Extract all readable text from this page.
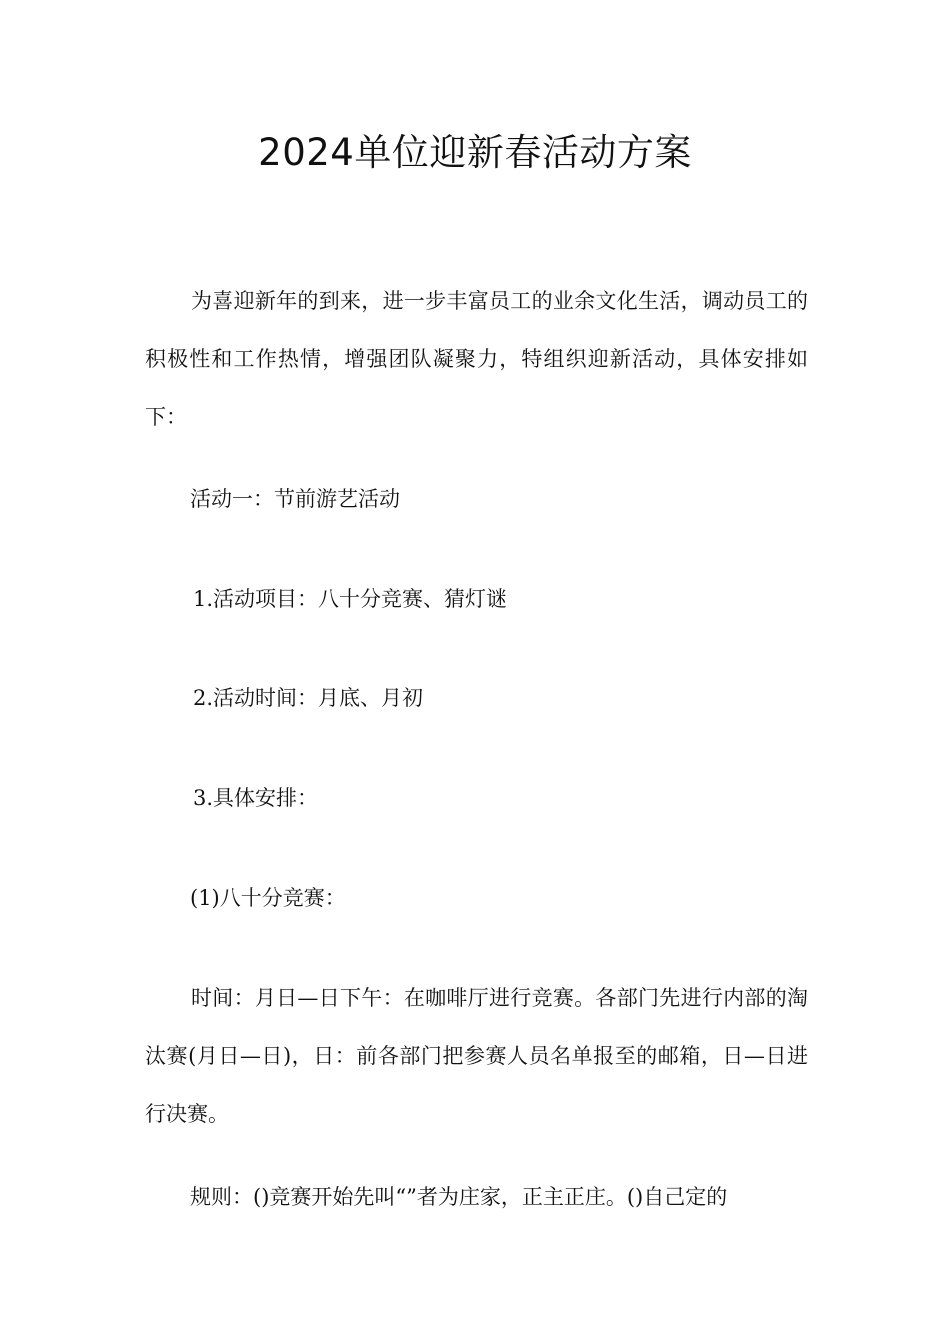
2024单位迎新春活动方案

为喜迎新年的到来，进一步丰富员工的业余文化生活，调动员工的积极性和工作热情，增强团队凝聚力，特组织迎新活动，具体安排如下：

活动一：节前游艺活动

1.活动项目：八十分竞赛、猜灯谜

2.活动时间：月底、月初

3.具体安排：

(1)八十分竞赛：

时间：月日—日下午：在咖啡厅进行竞赛。各部门先进行内部的淘汰赛(月日—日)，日：前各部门把参赛人员名单报至的邮箱，日—日进行决赛。

规则：()竞赛开始先叫“”者为庄家，正主正庄。()自己定的
